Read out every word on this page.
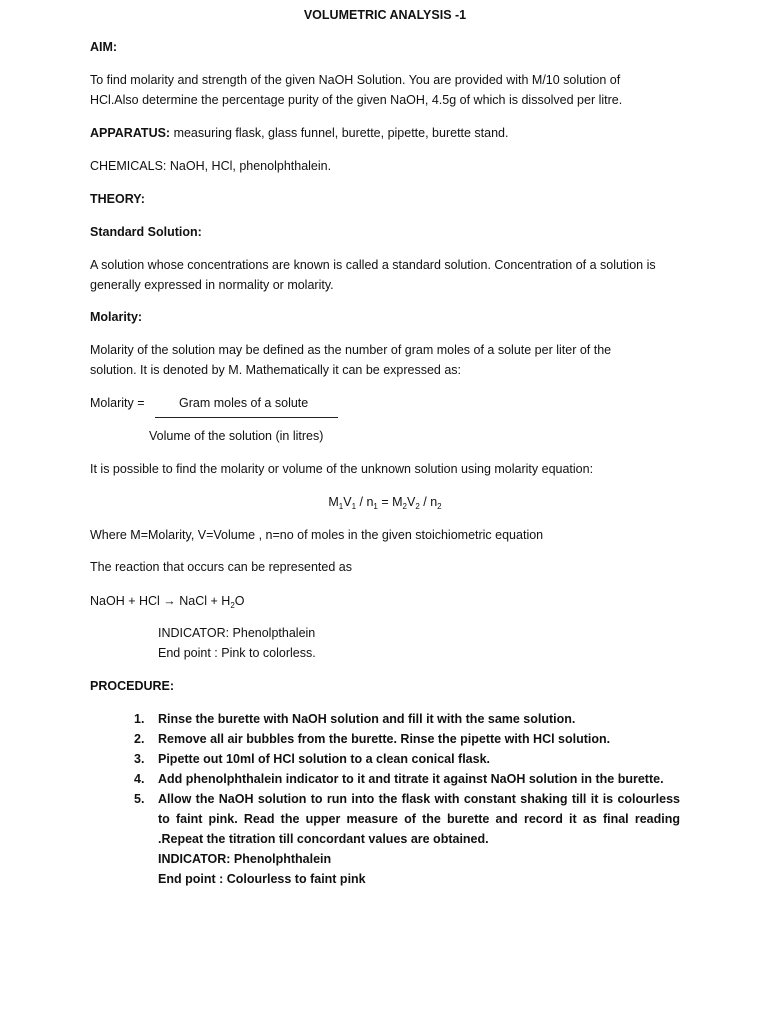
VOLUMETRIC ANALYSIS -1
AIM:
To find molarity and strength of the given NaOH Solution. You are provided with M/10 solution of
HCl.Also determine the percentage purity of the given NaOH, 4.5g of which is dissolved per litre.
APPARATUS: measuring flask, glass funnel, burette, pipette, burette stand.
CHEMICALS: NaOH, HCl, phenolphthalein.
THEORY:
Standard Solution:
A solution whose concentrations are known is called a standard solution. Concentration of a solution is
generally expressed in normality or molarity.
Molarity:
Molarity of the solution may be defined as the number of gram moles of a solute per liter of the
solution. It is denoted by M. Mathematically it can be expressed as:
Molarity =	Gram moles of a solute
Volume of the solution (in litres)
It is possible to find the molarity or volume of the unknown solution using molarity equation:
$M_1V_1 / n_1 = M_2V_2 / n_2$
Where M=Molarity, V=Volume , n=no of moles in the given stoichiometric equation
The reaction that occurs can be represented as
NaOH + HCl → NaCl + $H_2O$
INDICATOR: Phenolpthalein
End point : Pink to colorless.
PROCEDURE:
1. Rinse the burette with NaOH solution and fill it with the same solution.
2. Remove all air bubbles from the burette. Rinse the pipette with HCl solution.
3. Pipette out 10ml of HCl solution to a clean conical flask.
4. Add phenolphthalein indicator to it and titrate it against NaOH solution in the burette.
5. Allow the NaOH solution to run into the flask with constant shaking till it is colourless to faint pink. Read the upper measure of the burette and record it as final reading .Repeat the titration till concordant values are obtained.
INDICATOR: Phenolphthalein
End point : Colourless to faint pink
